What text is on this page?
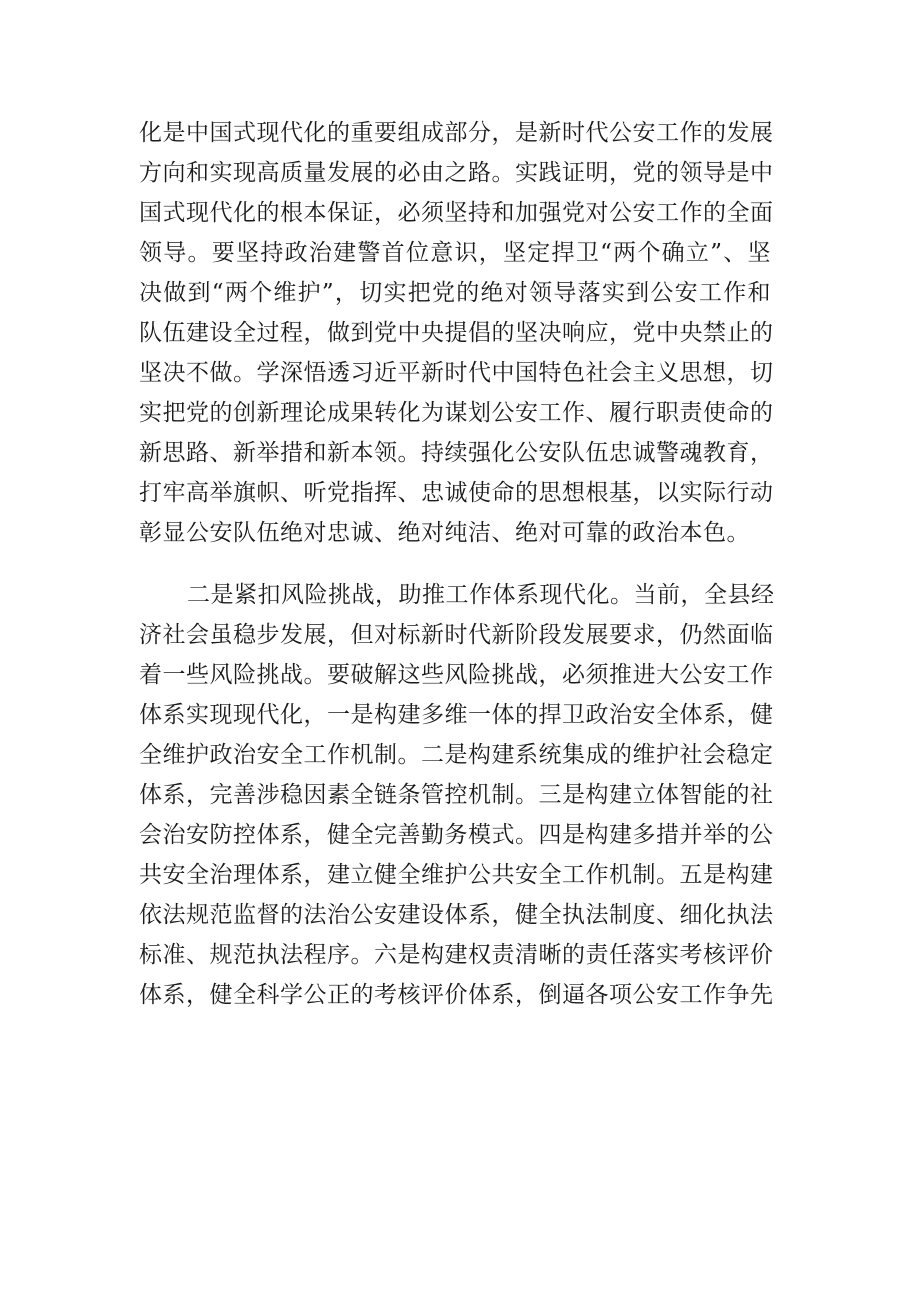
化是中国式现代化的重要组成部分，是新时代公安工作的发展
方向和实现高质量发展的必由之路。实践证明，党的领导是中
国式现代化的根本保证，必须坚持和加强党对公安工作的全面
领导。要坚持政治建警首位意识，坚定捍卫“两个确立”、坚
决做到“两个维护”，切实把党的绝对领导落实到公安工作和
队伍建设全过程，做到党中央提倡的坚决响应，党中央禁止的
坚决不做。学深悟透习近平新时代中国特色社会主义思想，切
实把党的创新理论成果转化为谋划公安工作、履行职责使命的
新思路、新举措和新本领。持续强化公安队伍忠诚警魂教育，
打牢高举旗帜、听党指挥、忠诚使命的思想根基，以实际行动
彰显公安队伍绝对忠诚、绝对纯洁、绝对可靠的政治本色。
二是紧扣风险挑战，助推工作体系现代化。当前，全县经
济社会虽稳步发展，但对标新时代新阶段发展要求，仍然面临
着一些风险挑战。要破解这些风险挑战，必须推进大公安工作
体系实现现代化，一是构建多维一体的捍卫政治安全体系，健
全维护政治安全工作机制。二是构建系统集成的维护社会稳定
体系，完善涉稳因素全链条管控机制。三是构建立体智能的社
会治安防控体系，健全完善勤务模式。四是构建多措并举的公
共安全治理体系，建立健全维护公共安全工作机制。五是构建
依法规范监督的法治公安建设体系，健全执法制度、细化执法
标准、规范执法程序。六是构建权责清晰的责任落实考核评价
体系，健全科学公正的考核评价体系，倒逼各项公安工作争先
